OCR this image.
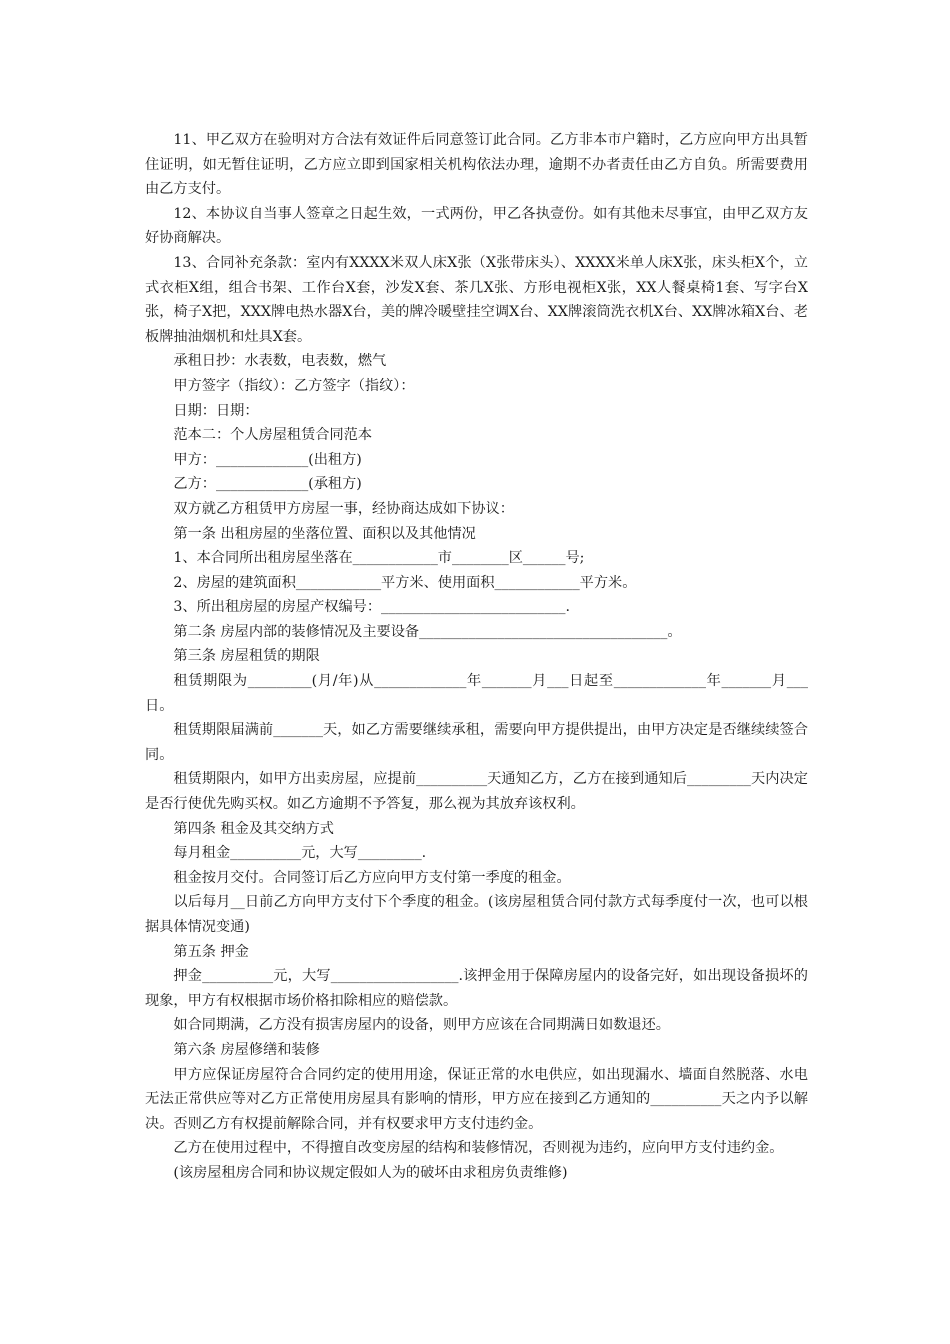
11、甲乙双方在验明对方合法有效证件后同意签订此合同。乙方非本市户籍时，乙方应向甲方出具暂住证明，如无暂住证明，乙方应立即到国家相关机构依法办理，逾期不办者责任由乙方自负。所需要费用由乙方支付。

12、本协议自当事人签章之日起生效，一式两份，甲乙各执壹份。如有其他未尽事宜，由甲乙双方友好协商解决。

13、合同补充条款：室内有XXXX米双人床X张（X张带床头）、XXXX米单人床X张，床头柜X个，立式衣柜X组，组合书架、工作台X套，沙发X套、茶几X张、方形电视柜X张，XX人餐桌椅1套、写字台X张，椅子X把，XXX牌电热水器X台，美的牌冷暖壁挂空调X台、XX牌滚筒洗衣机X台、XX牌冰箱X台、老板牌抽油烟机和灶具X套。

承租日抄：水表数，电表数，燃气

甲方签字（指纹）：乙方签字（指纹）：

日期：日期：

范本二：个人房屋租赁合同范本

甲方：_____________(出租方)

乙方：_____________(承租方)

双方就乙方租赁甲方房屋一事，经协商达成如下协议：

第一条 出租房屋的坐落位置、面积以及其他情况

1、本合同所出租房屋坐落在____________市________区______号;

2、房屋的建筑面积____________平方米、使用面积____________平方米。

3、所出租房屋的房屋产权编号：__________________________.

第二条 房屋内部的装修情况及主要设备___________________________________。

第三条 房屋租赁的期限

租赁期限为_________(月/年)从_____________年_______月___日起至_____________年_______月___日。

租赁期限届满前_______天，如乙方需要继续承租，需要向甲方提供提出，由甲方决定是否继续续签合同。

租赁期限内，如甲方出卖房屋，应提前__________天通知乙方，乙方在接到通知后_________天内决定是否行使优先购买权。如乙方逾期不予答复，那么视为其放弃该权利。

第四条 租金及其交纳方式

每月租金__________元，大写_________.

租金按月交付。合同签订后乙方应向甲方支付第一季度的租金。

以后每月__日前乙方向甲方支付下个季度的租金。(该房屋租赁合同付款方式每季度付一次，也可以根据具体情况变通)

第五条 押金

押金__________元，大写__________________.该押金用于保障房屋内的设备完好，如出现设备损坏的现象，甲方有权根据市场价格扣除相应的赔偿款。

如合同期满，乙方没有损害房屋内的设备，则甲方应该在合同期满日如数退还。

第六条 房屋修缮和装修

甲方应保证房屋符合合同约定的使用用途，保证正常的水电供应，如出现漏水、墙面自然脱落、水电无法正常供应等对乙方正常使用房屋具有影响的情形，甲方应在接到乙方通知的__________天之内予以解决。否则乙方有权提前解除合同，并有权要求甲方支付违约金。

乙方在使用过程中，不得擅自改变房屋的结构和装修情况，否则视为违约，应向甲方支付违约金。

(该房屋租房合同和协议规定假如人为的破坏由求租房负责维修)
